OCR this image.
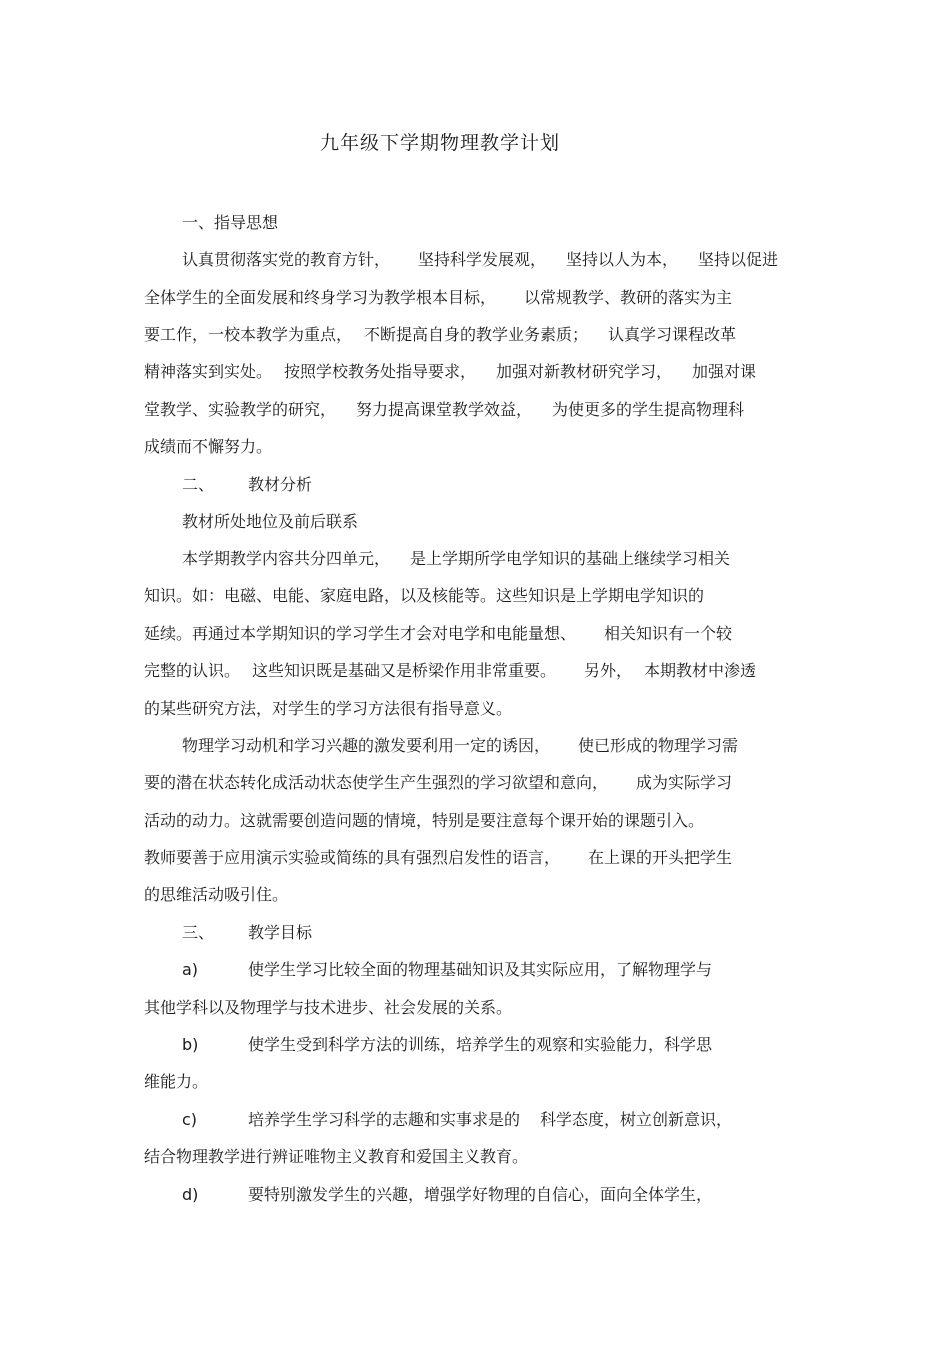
九年级下学期物理教学计划
一、指导思想
认真贯彻落实党的教育方针， 坚持科学发展观， 坚持以人为本， 坚持以促进
全体学生的全面发展和终身学习为教学根本目标， 以常规教学、教研的落实为主
要工作，一校本教学为重点， 不断提高自身的教学业务素质； 认真学习课程改革
精神落实到实处。 按照学校教务处指导要求， 加强对新教材研究学习， 加强对课
堂教学、实验教学的研究， 努力提高课堂教学效益， 为使更多的学生提高物理科
成绩而不懈努力。
二、 教材分析
教材所处地位及前后联系
本学期教学内容共分四单元， 是上学期所学电学知识的基础上继续学习相关
知识。如：电磁、电能、家庭电路，以及核能等。这些知识是上学期电学知识的
延续。再通过本学期知识的学习学生才会对电学和电能量想、 相关知识有一个较
完整的认识。 这些知识既是基础又是桥梁作用非常重要。 另外， 本期教材中渗透
的某些研究方法，对学生的学习方法很有指导意义。
物理学习动机和学习兴趣的激发要利用一定的诱因， 使已形成的物理学习需
要的潜在状态转化成活动状态使学生产生强烈的学习欲望和意向， 成为实际学习
活动的动力。这就需要创造问题的情境，特别是要注意每个课开始的课题引入。
教师要善于应用演示实验或简练的具有强烈启发性的语言， 在上课的开头把学生
的思维活动吸引住。
三、 教学目标
a)	使学生学习比较全面的物理基础知识及其实际应用，了解物理学与
其他学科以及物理学与技术进步、社会发展的关系。
b)	使学生受到科学方法的训练，培养学生的观察和实验能力，科学思
维能力。
c)	培养学生学习科学的志趣和实事求是的 科学态度，树立创新意识，
结合物理教学进行辨证唯物主义教育和爱国主义教育。
d)	要特别激发学生的兴趣，增强学好物理的自信心，面向全体学生，
